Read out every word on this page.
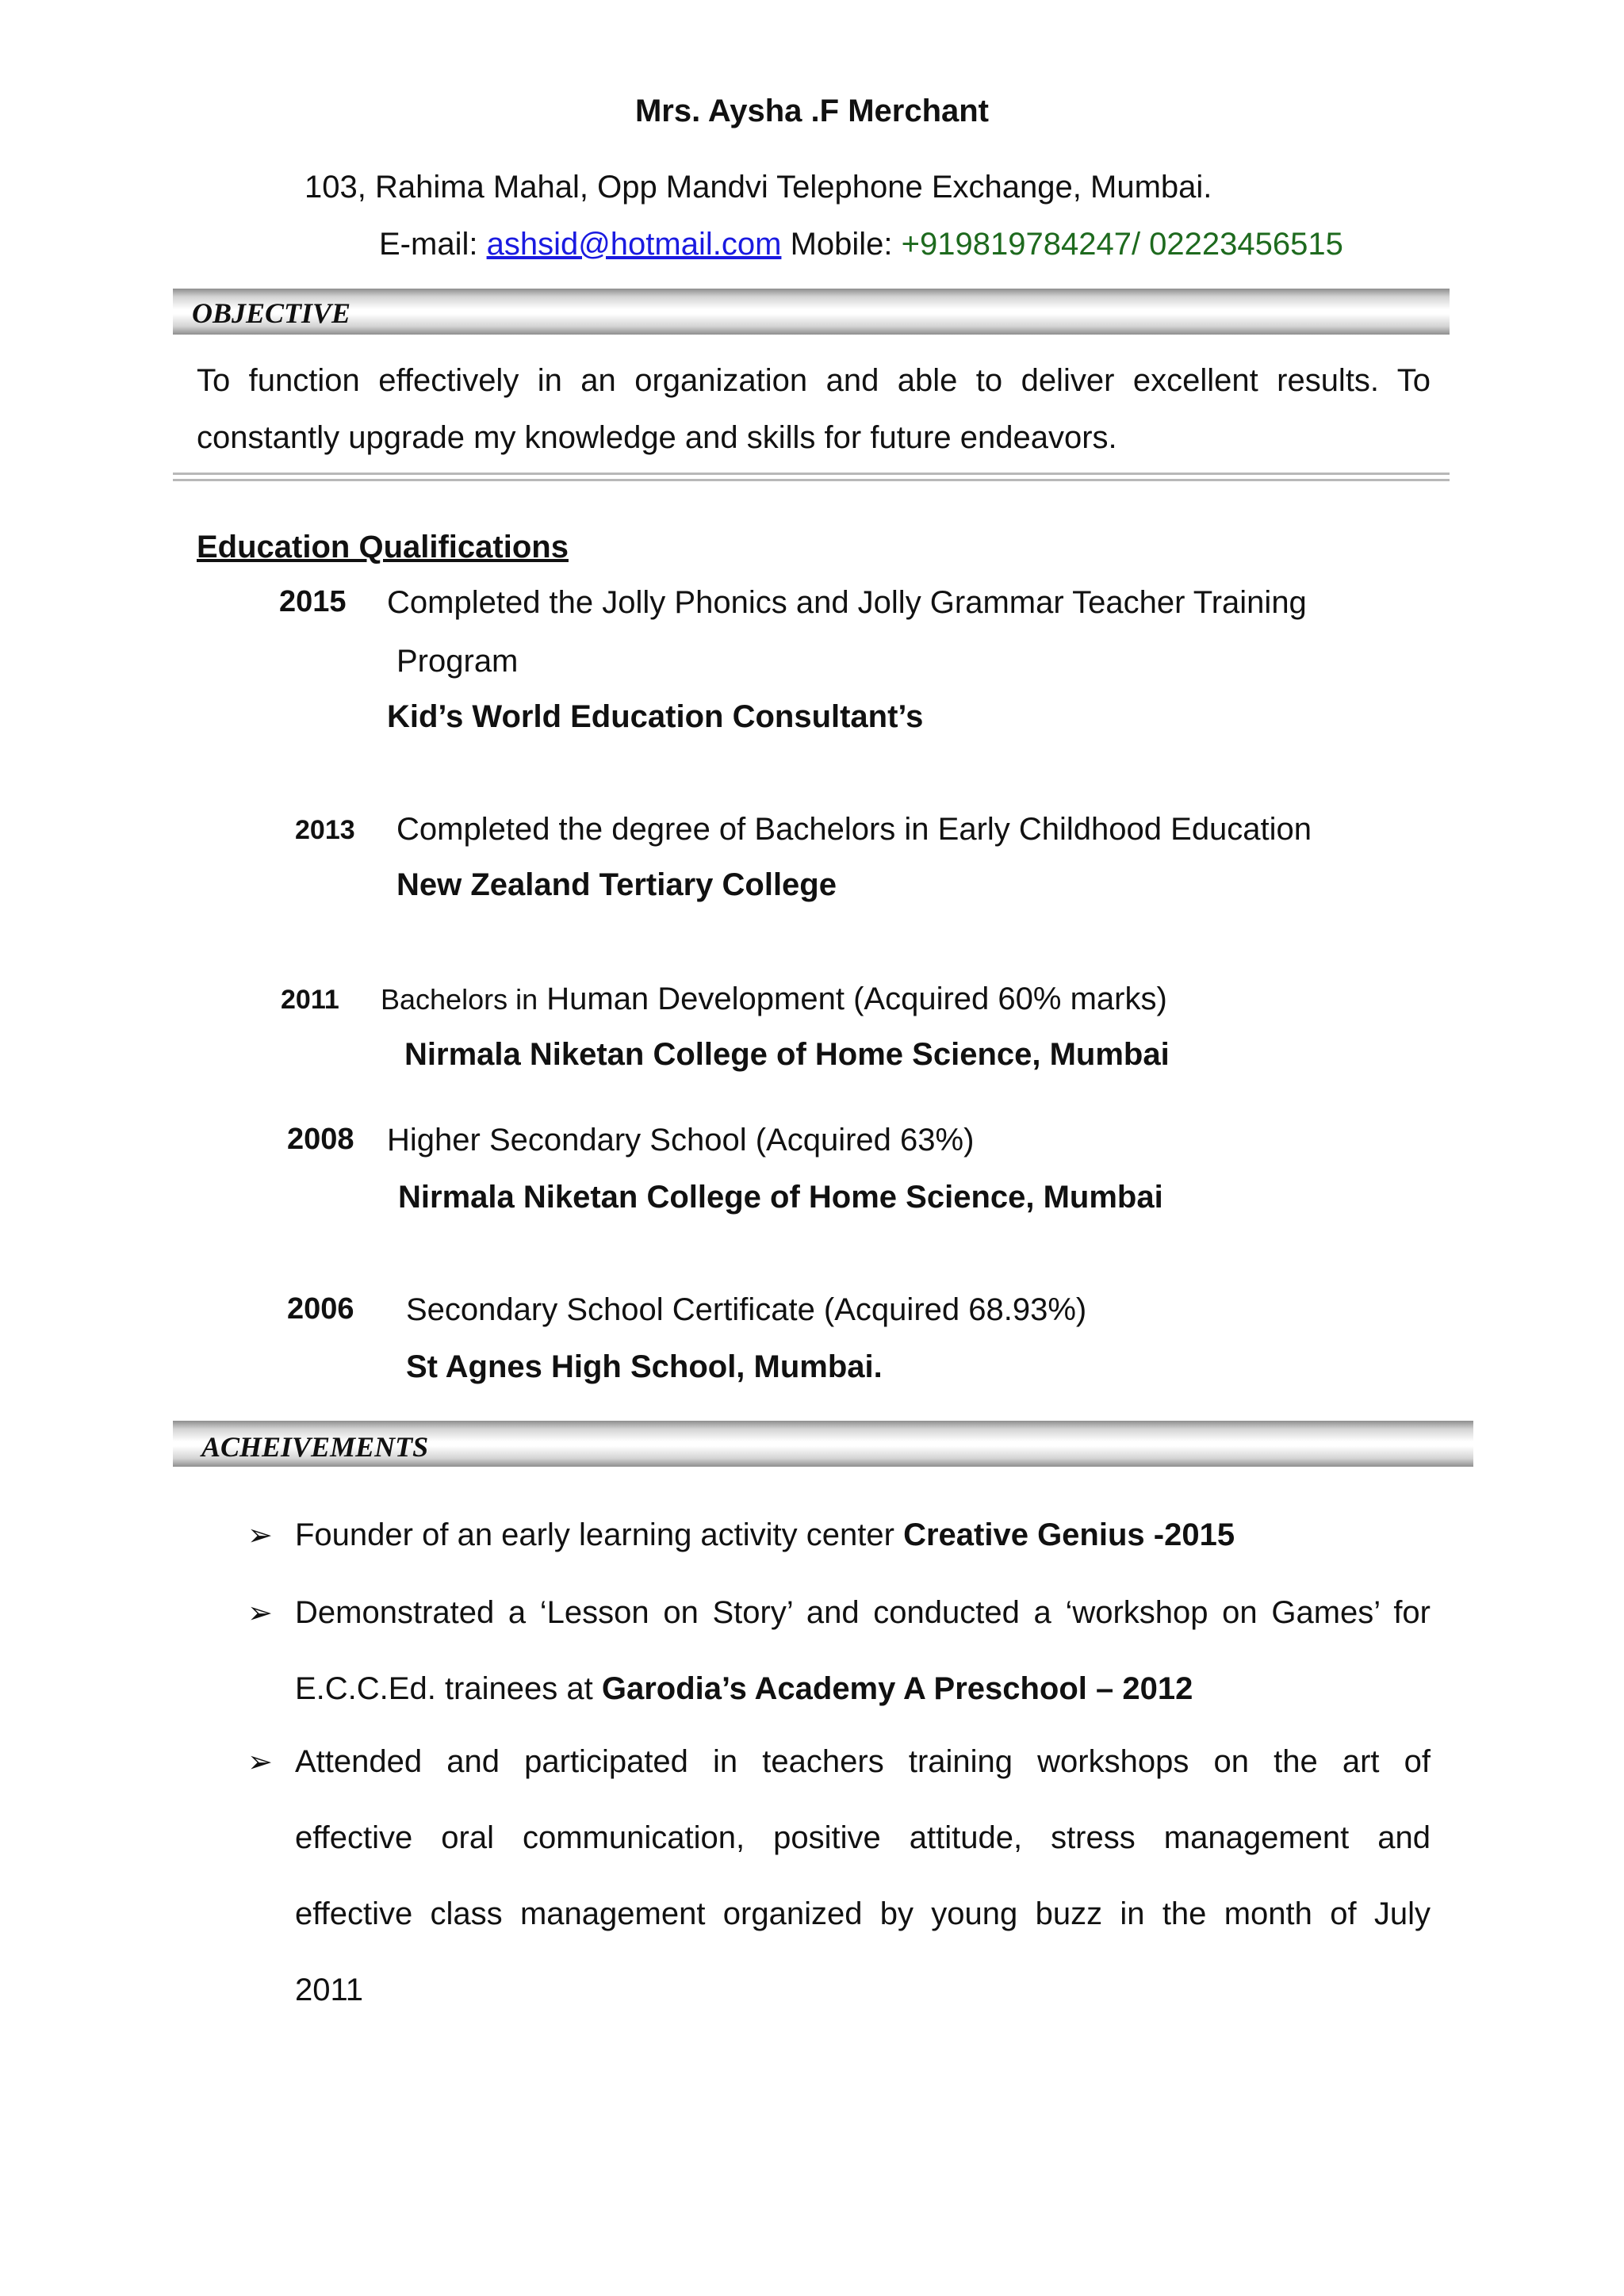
Mrs. Aysha .F Merchant
103, Rahima Mahal, Opp Mandvi Telephone Exchange, Mumbai.
E-mail: ashsid@hotmail.com Mobile: +919819784247/ 02223456515
OBJECTIVE
To function effectively in an organization and able to deliver excellent results. To
constantly upgrade my knowledge and skills for future endeavors.
Education Qualifications
2015 Completed the Jolly Phonics and Jolly Grammar Teacher Training
Program
Kid’s World Education Consultant’s
2013 Completed the degree of Bachelors in Early Childhood Education
New Zealand Tertiary College
2011 Bachelors in Human Development (Acquired 60% marks)
Nirmala Niketan College of Home Science, Mumbai
2008 Higher Secondary School (Acquired 63%)
Nirmala Niketan College of Home Science, Mumbai
2006 Secondary School Certificate (Acquired 68.93%)
St Agnes High School, Mumbai.
ACHEIVEMENTS
➢ Founder of an early learning activity center Creative Genius -2015
➢ Demonstrated a ‘Lesson on Story’ and conducted a ‘workshop on Games’ for
E.C.C.Ed. trainees at Garodia’s Academy A Preschool – 2012
➢ Attended and participated in teachers training workshops on the art of
effective oral communication, positive attitude, stress management and
effective class management organized by young buzz in the month of July
2011
